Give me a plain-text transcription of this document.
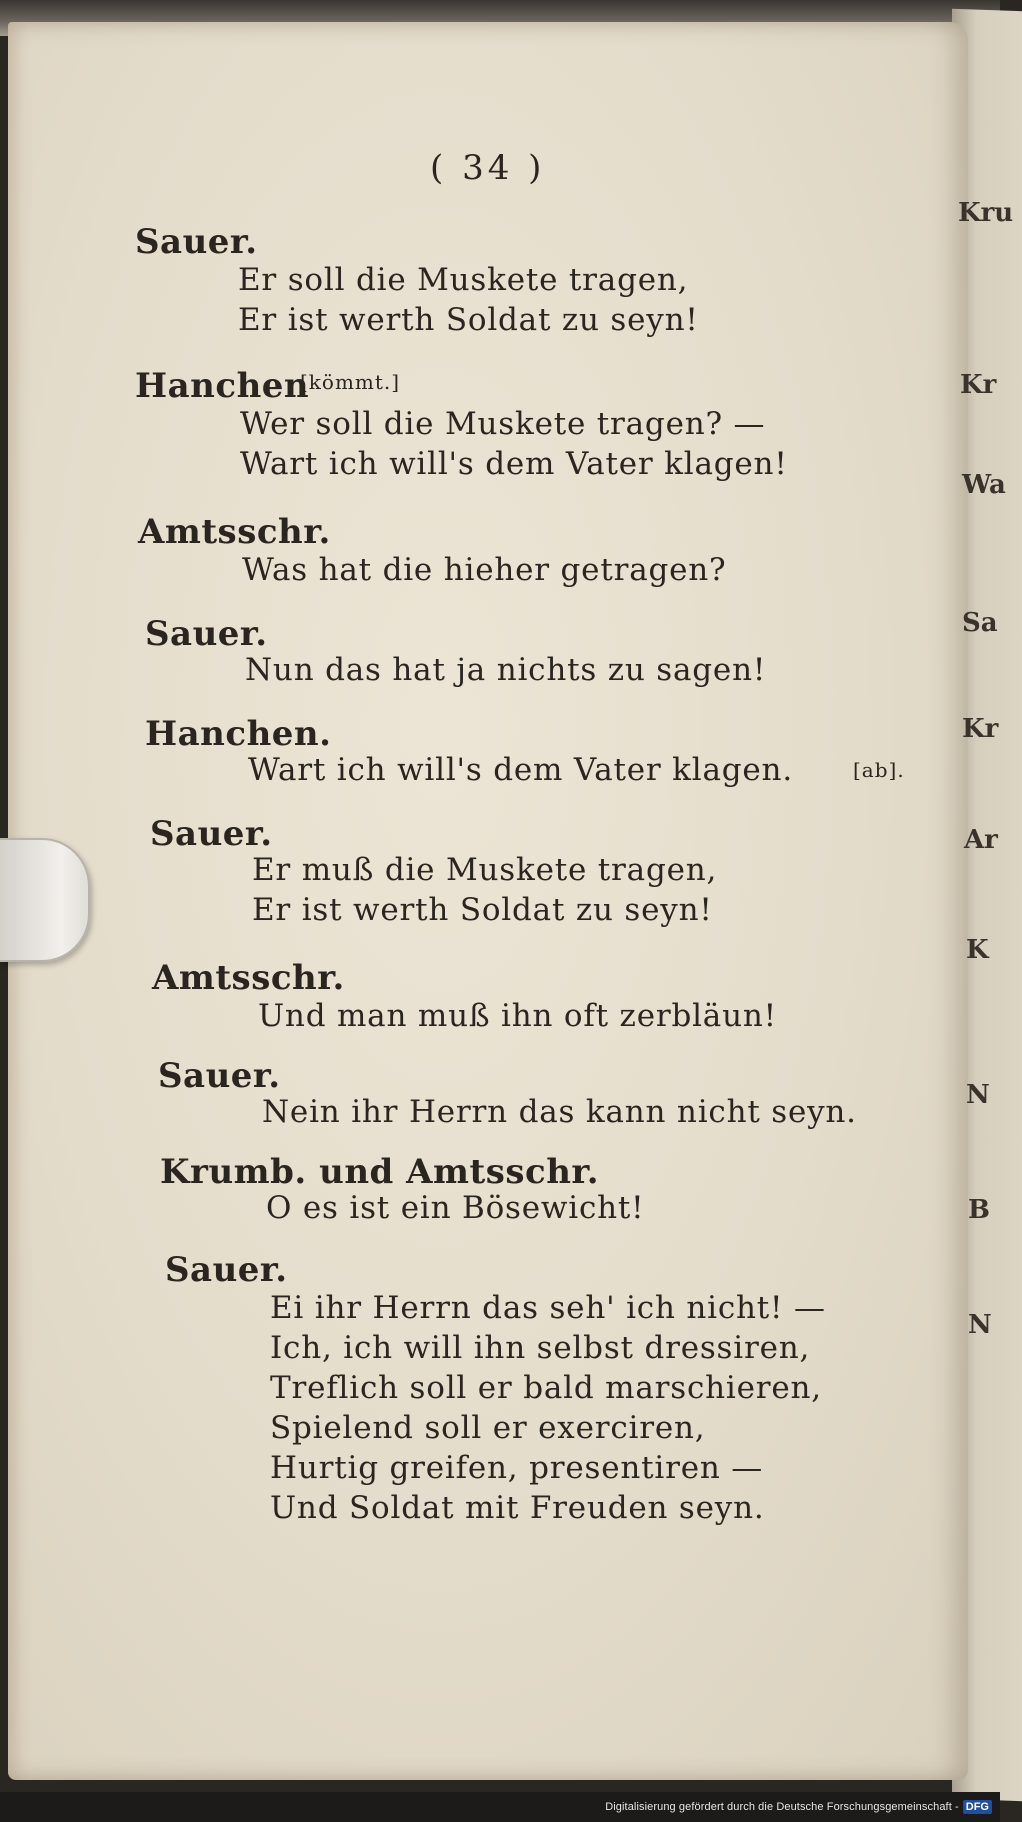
( 34 )
Sauer.
Er soll die Muskete tragen,
Er ist werth Soldat zu seyn!
Hanchen
[kömmt.]
Wer soll die Muskete tragen? —
Wart ich will's dem Vater klagen!
Amtsschr.
Was hat die hieher getragen?
Sauer.
Nun das hat ja nichts zu sagen!
Hanchen.
Wart ich will's dem Vater klagen.	[ab].
Sauer.
Er muß die Muskete tragen,
Er ist werth Soldat zu seyn!
Amtsschr.
Und man muß ihn oft zerbläun!
Sauer.
Nein ihr Herrn das kann nicht seyn.
Krumb. und Amtsschr.
O es ist ein Bösewicht!
Sauer.
Ei ihr Herrn das seh' ich nicht! —
Ich, ich will ihn selbst dressiren,
Treflich soll er bald marschieren,
Spielend soll er exerciren,
Hurtig greifen, presentiren —
Und Soldat mit Freuden seyn.
Kru
Kr
Wa
Sa
Kr
Ar
K
N
B
N
Digitalisierung gefördert durch die Deutsche Forschungsgemeinschaft - DFG
